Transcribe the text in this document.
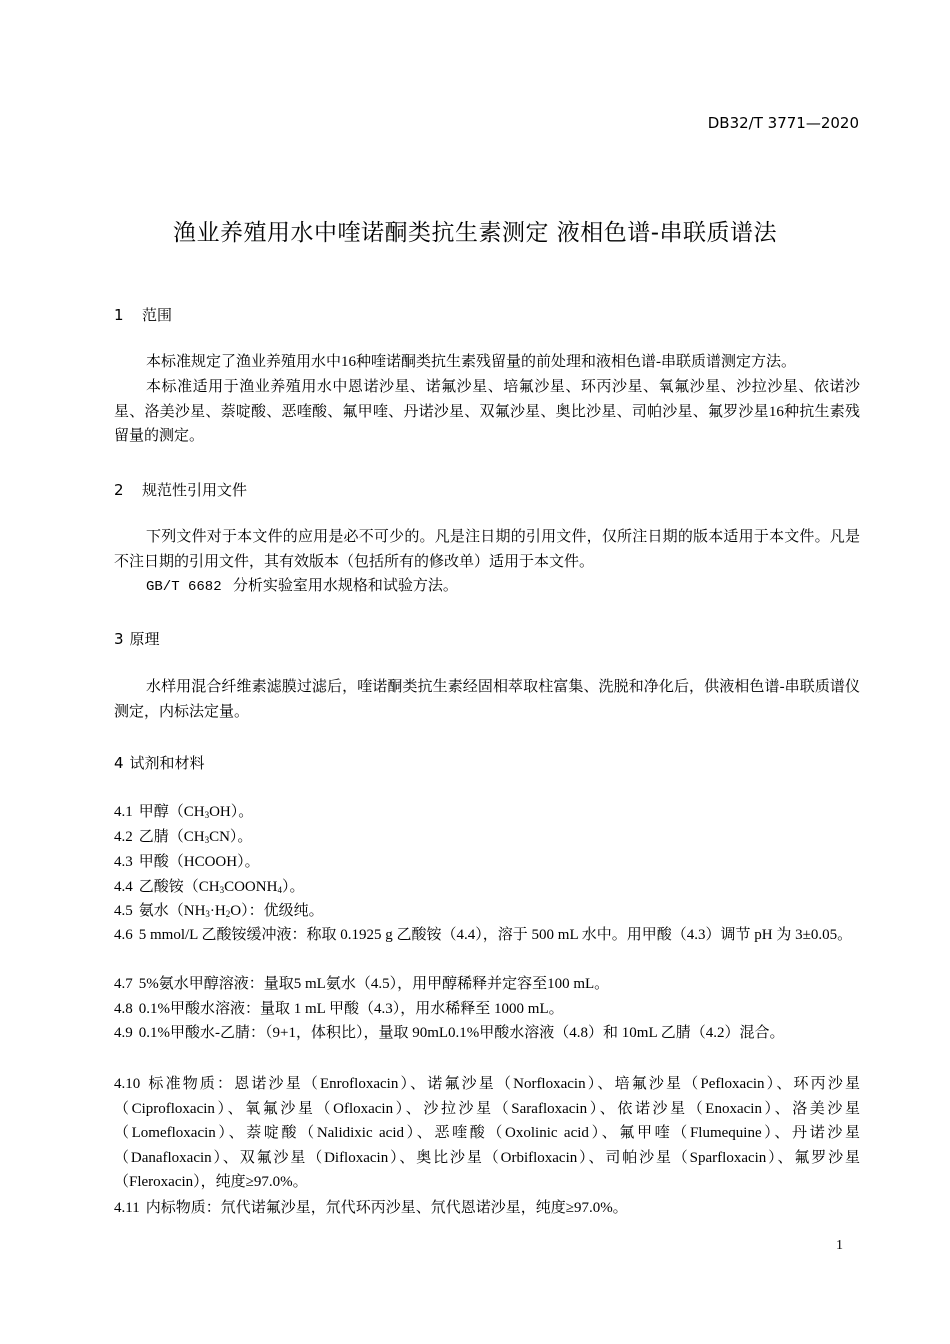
DB32/T 3771—2020
渔业养殖用水中喹诺酮类抗生素测定 液相色谱-串联质谱法
1 范围
本标准规定了渔业养殖用水中16种喹诺酮类抗生素残留量的前处理和液相色谱-串联质谱测定方法。
本标准适用于渔业养殖用水中恩诺沙星、诺氟沙星、培氟沙星、环丙沙星、氧氟沙星、沙拉沙星、依诺沙星、洛美沙星、萘啶酸、恶喹酸、氟甲喹、丹诺沙星、双氟沙星、奥比沙星、司帕沙星、氟罗沙星16种抗生素残留量的测定。
2 规范性引用文件
下列文件对于本文件的应用是必不可少的。凡是注日期的引用文件，仅所注日期的版本适用于本文件。凡是不注日期的引用文件，其有效版本（包括所有的修改单）适用于本文件。
GB/T 6682 分析实验室用水规格和试验方法。
3 原理
水样用混合纤维素滤膜过滤后，喹诺酮类抗生素经固相萃取柱富集、洗脱和净化后，供液相色谱-串联质谱仪测定，内标法定量。
4 试剂和材料
4.1 甲醇$(CH_3OH)$。
4.2 乙腈$(CH_3CN)$。
4.3 甲酸（HCOOH）。
4.4 乙酸铵$(CH_3COONH_4)$。
4.5 氨水$(NH_3\cdot H_2O)$：优级纯。
4.6 5 mmol/L 乙酸铵缓冲液：称取 0.1925 g 乙酸铵（4.4），溶于 500 mL 水中。用甲酸（4.3）调节 pH 为 3±0.05。
4.7 5%氨水甲醇溶液：量取5 mL氨水（4.5），用甲醇稀释并定容至100 mL。
4.8 0.1%甲酸水溶液：量取 1 mL 甲酸（4.3），用水稀释至 1000 mL。
4.9 0.1%甲酸水-乙腈：（9+1，体积比），量取 90mL0.1%甲酸水溶液（4.8）和 10mL 乙腈（4.2）混合。
4.10 标准物质：恩诺沙星（Enrofloxacin）、诺氟沙星（Norfloxacin）、培氟沙星（Pefloxacin）、环丙沙星（Ciprofloxacin）、氧氟沙星（Ofloxacin）、沙拉沙星（Sarafloxacin）、依诺沙星（Enoxacin）、洛美沙星（Lomefloxacin）、萘啶酸（Nalidixic acid）、恶喹酸（Oxolinic acid）、氟甲喹（Flumequine）、丹诺沙星（Danafloxacin）、双氟沙星（Difloxacin）、奥比沙星（Orbifloxacin）、司帕沙星（Sparfloxacin）、氟罗沙星（Fleroxacin），纯度≥97.0%。
4.11 内标物质：氘代诺氟沙星，氘代环丙沙星、氘代恩诺沙星，纯度≥97.0%。
1
